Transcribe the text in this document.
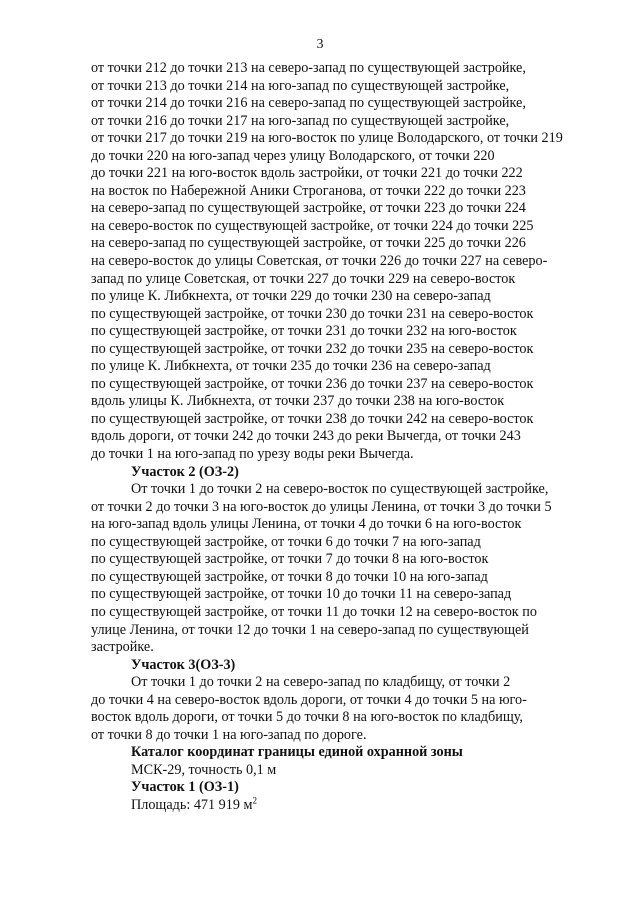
3

от точки 212 до точки 213 на северо-запад по существующей застройке,

от точки 213 до точки 214 на юго-запад по существующей застройке,

от точки 214 до точки 216 на северо-запад по существующей застройке,

от точки 216 до точки 217 на юго-запад по существующей застройке,

от точки 217 до точки 219 на юго-восток по улице Володарского, от точки 219

до точки 220 на юго-запад через улицу Володарского, от точки 220

до точки 221 на юго-восток вдоль застройки, от точки 221 до точки 222

на восток по Набережной Аники Строганова, от точки 222 до точки 223

на северо-запад по существующей застройке, от точки 223 до точки 224

на северо-восток по существующей застройке, от точки 224 до точки 225

на северо-запад по существующей застройке, от точки 225 до точки 226

на северо-восток до улицы Советская, от точки 226 до точки 227 на северо-

запад по улице Советская, от точки 227 до точки 229 на северо-восток

по улице К. Либкнехта, от точки 229 до точки 230 на северо-запад

по существующей застройке, от точки 230 до точки 231 на северо-восток

по существующей застройке, от точки 231 до точки 232 на юго-восток

по существующей застройке, от точки 232 до точки 235 на северо-восток

по улице К. Либкнехта, от точки 235 до точки 236 на северо-запад

по существующей застройке, от точки 236 до точки 237 на северо-восток

вдоль улицы К. Либкнехта, от точки 237 до точки 238 на юго-восток

по существующей застройке, от точки 238 до точки 242 на северо-восток

вдоль дороги, от точки 242 до точки 243 до реки Вычегда, от точки 243

до точки 1 на юго-запад по урезу воды реки Вычегда.

Участок 2 (ОЗ-2)

От точки 1 до точки 2 на северо-восток по существующей застройке,

от точки 2 до точки 3 на юго-восток до улицы Ленина, от точки 3 до точки 5

на юго-запад вдоль улицы Ленина, от точки 4 до точки 6 на юго-восток

по существующей застройке, от точки 6 до точки 7 на юго-запад

по существующей застройке, от точки 7 до точки 8 на юго-восток

по существующей застройке, от точки 8 до точки 10 на юго-запад

по существующей застройке, от точки 10 до точки 11 на северо-запад

по существующей застройке, от точки 11 до точки 12 на северо-восток по

улице Ленина, от точки 12 до точки 1 на северо-запад по существующей

застройке.

Участок 3(ОЗ-3)

От точки 1 до точки 2 на северо-запад по кладбищу, от точки 2

до точки 4 на северо-восток вдоль дороги, от точки 4 до точки 5 на юго-

восток вдоль дороги, от точки 5 до точки 8 на юго-восток по кладбищу,

от точки 8 до точки 1 на юго-запад по дороге.

Каталог координат границы единой охранной зоны

МСК-29, точность 0,1 м

Участок 1 (ОЗ-1)

Площадь: 471 919 $м^2$
